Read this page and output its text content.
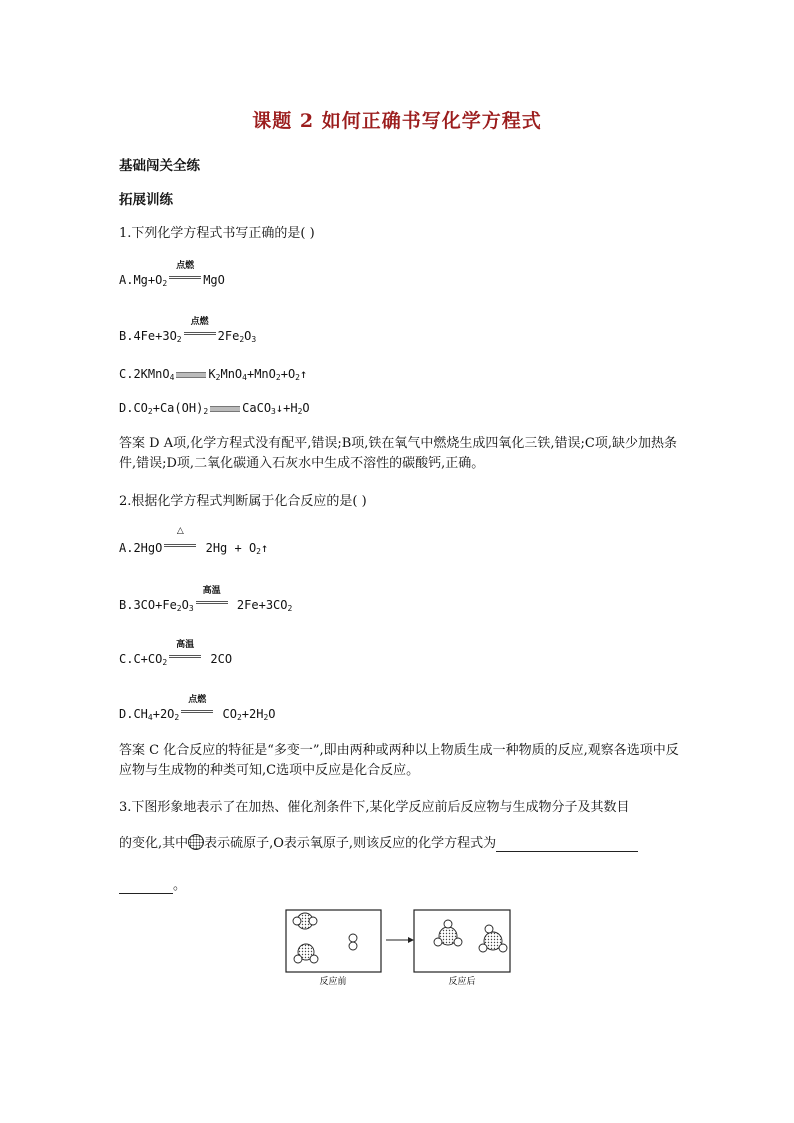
课题 2 如何正确书写化学方程式
基础闯关全练
拓展训练
1.下列化学方程式书写正确的是( )
$A.Mg+O_2$
点燃
MgO
$B.4Fe+3O_2$
点燃
$2Fe_2O_3$
C.2KMnO$_4$	$K_2MnO_4+MnO_2+O_2↑$
$D.CO_2+Ca(OH)_2$	$CaCO_3↓+H_2O$
答案 D A项,化学方程式没有配平,错误;B项,铁在氧气中燃烧生成四氧化三铁,错误;C项,缺少加热条件,错误;D项,二氧化碳通入石灰水中生成不溶性的碳酸钙,正确。
2.根据化学方程式判断属于化合反应的是( )
A.2HgO
△
$2Hg + O_2↑$
$B.3CO+Fe_2O_3$
高温
$2Fe+3CO_2$
$C.C+CO_2$
高温
2CO
$D.CH_4+2O_2$
点燃
$CO_2+2H_2O$
答案 C 化合反应的特征是“多变一”,即由两种或两种以上物质生成一种物质的反应,观察各选项中反应物与生成物的种类可知,C选项中反应是化合反应。
3.下图形象地表示了在加热、催化剂条件下,某化学反应前后反应物与生成物分子及其数目
的变化,其中 表示硫原子,O表示氧原子,则该反应的化学方程式为
。
反应前	反应后
